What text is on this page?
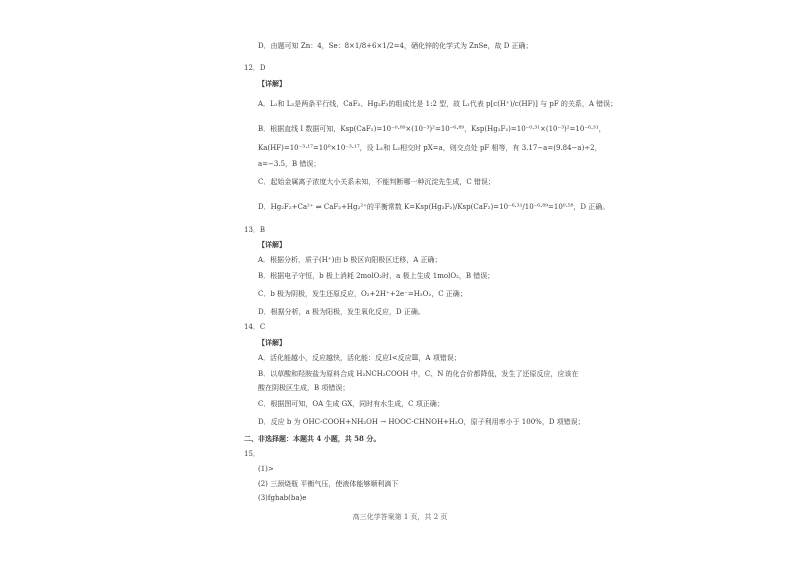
D．由题可知 Zn：4，Se：8×1/8+6×1/2=4，硒化锌的化学式为 ZnSe，故 D 正确；
12．D
【详解】
A．L₁和 L₂是两条平行线，CaF₂、Hg₂F₂的组成比是 1:2 型，故 L₁代表 p[c(H⁺)/c(HF)] 与 pF 的关系，A 错误；
B．根据直线 I 数据可知，Ksp(CaF₂)=10⁻⁰·⁸⁹×(10⁻³)²=10⁻⁶·⁸⁹，Ksp(Hg₂F₂)=10⁻⁰·³¹×(10⁻³)²=10⁻⁶·³¹，
Ka(HF)=10⁻³·¹⁷=10⁰×10⁻³·¹⁷，设 L₁和 L₂相交时 pX=a，则交点处 pF 相等，有 3.17−a=(9.84−a)÷2，
a=−3.5，B 错误；
C．起始金属离子浓度大小关系未知，不能判断哪一种沉淀先生成，C 错误；
D．Hg₂F₂+Ca²⁺ ⇌ CaF₂+Hg₂²⁺的平衡常数 K=Ksp(Hg₂F₂)/Ksp(CaF₂)=10⁻⁶·³¹/10⁻⁶·⁸⁹=10⁰·⁵⁸，D 正确。
13．B
【详解】
A．根据分析，质子(H⁺)由 b 极区向阳极区迁移，A 正确；
B．根据电子守恒，b 极上消耗 2molO₂时，a 极上生成 1molO₂，B 错误；
C．b 极为阴极，发生还原反应，O₂+2H⁺+2e⁻=H₂O₂，C 正确；
D．根据分析，a 极为阳极，发生氧化反应，D 正确。
14．C
【详解】
A．活化能越小，反应越快，活化能：反应Ⅰ<反应Ⅲ，A 项错误；
B．以草酸和羟胺盐为原料合成 H₂NCH₂COOH 中，C、N 的化合价都降低，发生了还原反应，应该在
酸在阴极区生成，B 项错误；
C．根据图可知，OA 生成 GX，同时有水生成，C 项正确；
D．反应 b 为 OHC-COOH+NH₂OH → HOOC-CHNOH+H₂O，原子利用率小于 100%，D 项错误；
二、非选择题：本题共 4 小题，共 58 分。
15．
(1)>
(2) 三颈烧瓶 平衡气压，使液体能够顺利滴下
(3)fghab(ba)e
高三化学答案第 1 页，共 2 页
